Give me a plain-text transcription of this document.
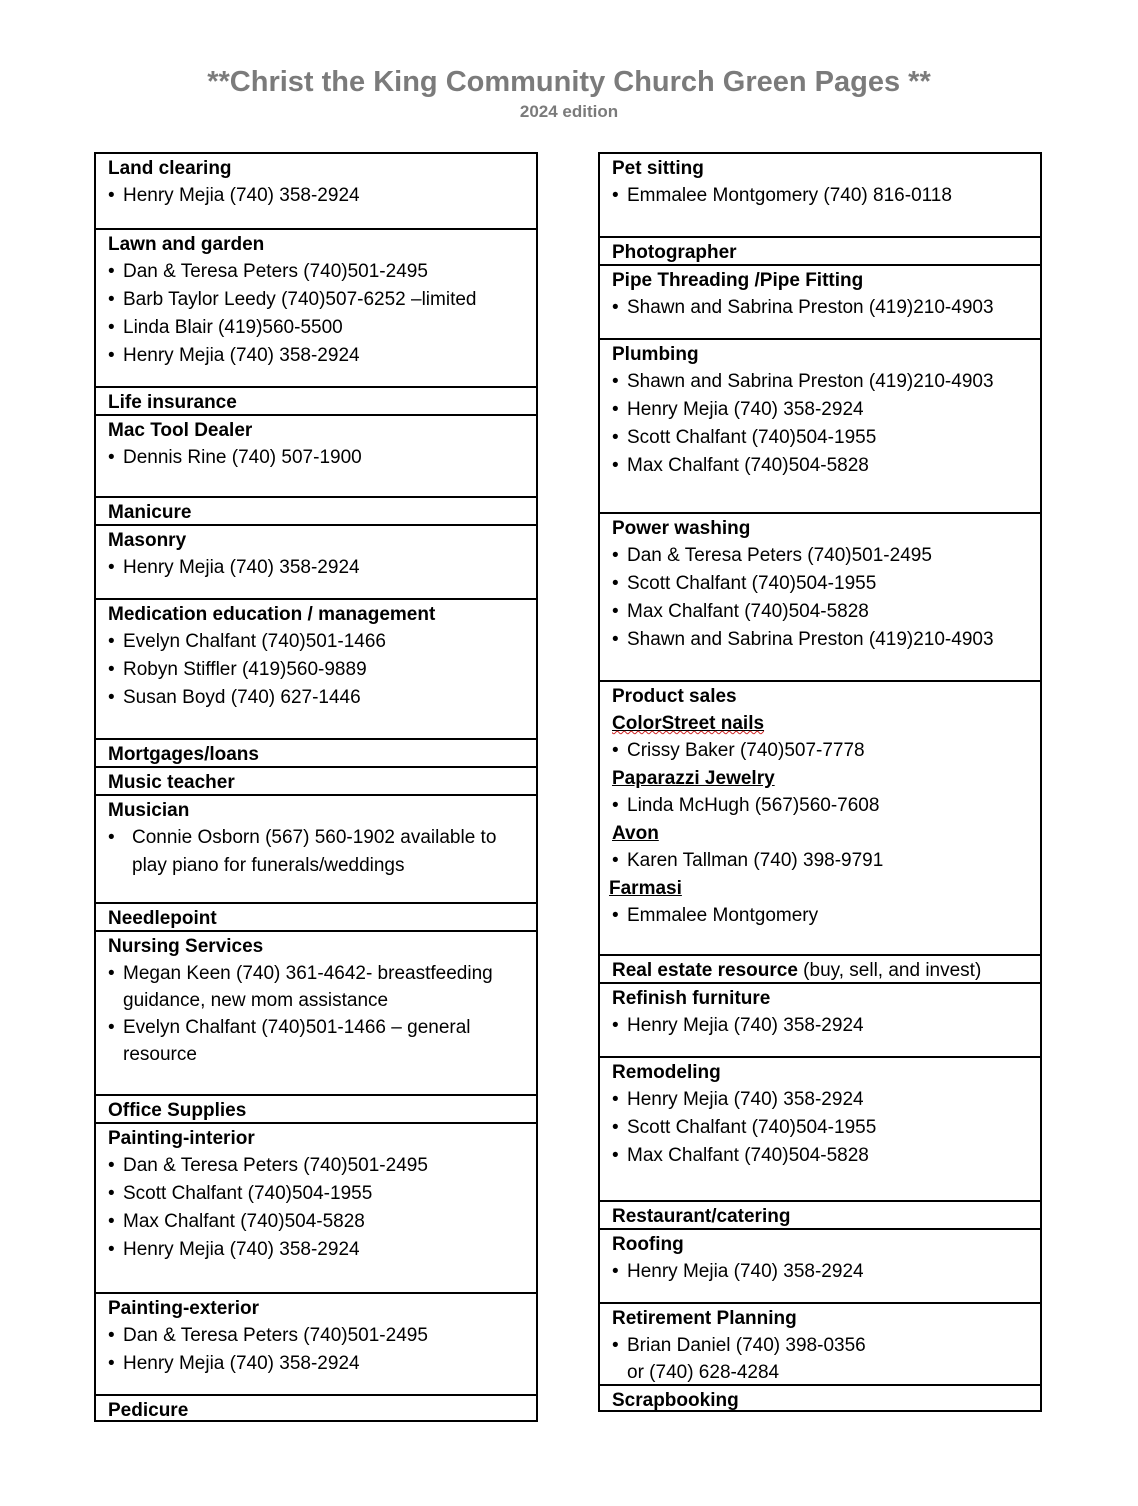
**Christ the King Community Church Green Pages **
2024 edition
Land clearing
• Henry Mejia (740) 358-2924
Lawn and garden
• Dan & Teresa Peters (740)501-2495
• Barb Taylor Leedy (740)507-6252 –limited
• Linda Blair (419)560-5500
• Henry Mejia (740) 358-2924
Life insurance
Mac Tool Dealer
• Dennis Rine (740) 507-1900
Manicure
Masonry
• Henry Mejia (740) 358-2924
Medication education / management
• Evelyn Chalfant (740)501-1466
• Robyn Stiffler (419)560-9889
• Susan Boyd (740) 627-1446
Mortgages/loans
Music teacher
Musician
• Connie Osborn (567) 560-1902 available to play piano for funerals/weddings
Needlepoint
Nursing Services
• Megan Keen (740) 361-4642- breastfeeding guidance, new mom assistance
• Evelyn Chalfant (740)501-1466 – general resource
Office Supplies
Painting-interior
• Dan & Teresa Peters (740)501-2495
• Scott Chalfant (740)504-1955
• Max Chalfant (740)504-5828
• Henry Mejia (740) 358-2924
Painting-exterior
• Dan & Teresa Peters (740)501-2495
• Henry Mejia (740) 358-2924
Pedicure
Pet sitting
• Emmalee Montgomery (740) 816-0118
Photographer
Pipe Threading /Pipe Fitting
• Shawn and Sabrina Preston (419)210-4903
Plumbing
• Shawn and Sabrina Preston (419)210-4903
• Henry Mejia (740) 358-2924
• Scott Chalfant (740)504-1955
• Max Chalfant (740)504-5828
Power washing
• Dan & Teresa Peters (740)501-2495
• Scott Chalfant (740)504-1955
• Max Chalfant (740)504-5828
• Shawn and Sabrina Preston (419)210-4903
Product sales
ColorStreet nails
• Crissy Baker (740)507-7778
Paparazzi Jewelry
• Linda McHugh (567)560-7608
Avon
• Karen Tallman (740) 398-9791
Farmasi
• Emmalee Montgomery
Real estate resource (buy, sell, and invest)
Refinish furniture
• Henry Mejia (740) 358-2924
Remodeling
• Henry Mejia (740) 358-2924
• Scott Chalfant (740)504-1955
• Max Chalfant (740)504-5828
Restaurant/catering
Roofing
• Henry Mejia (740) 358-2924
Retirement Planning
• Brian Daniel (740) 398-0356 or (740) 628-4284
Scrapbooking
